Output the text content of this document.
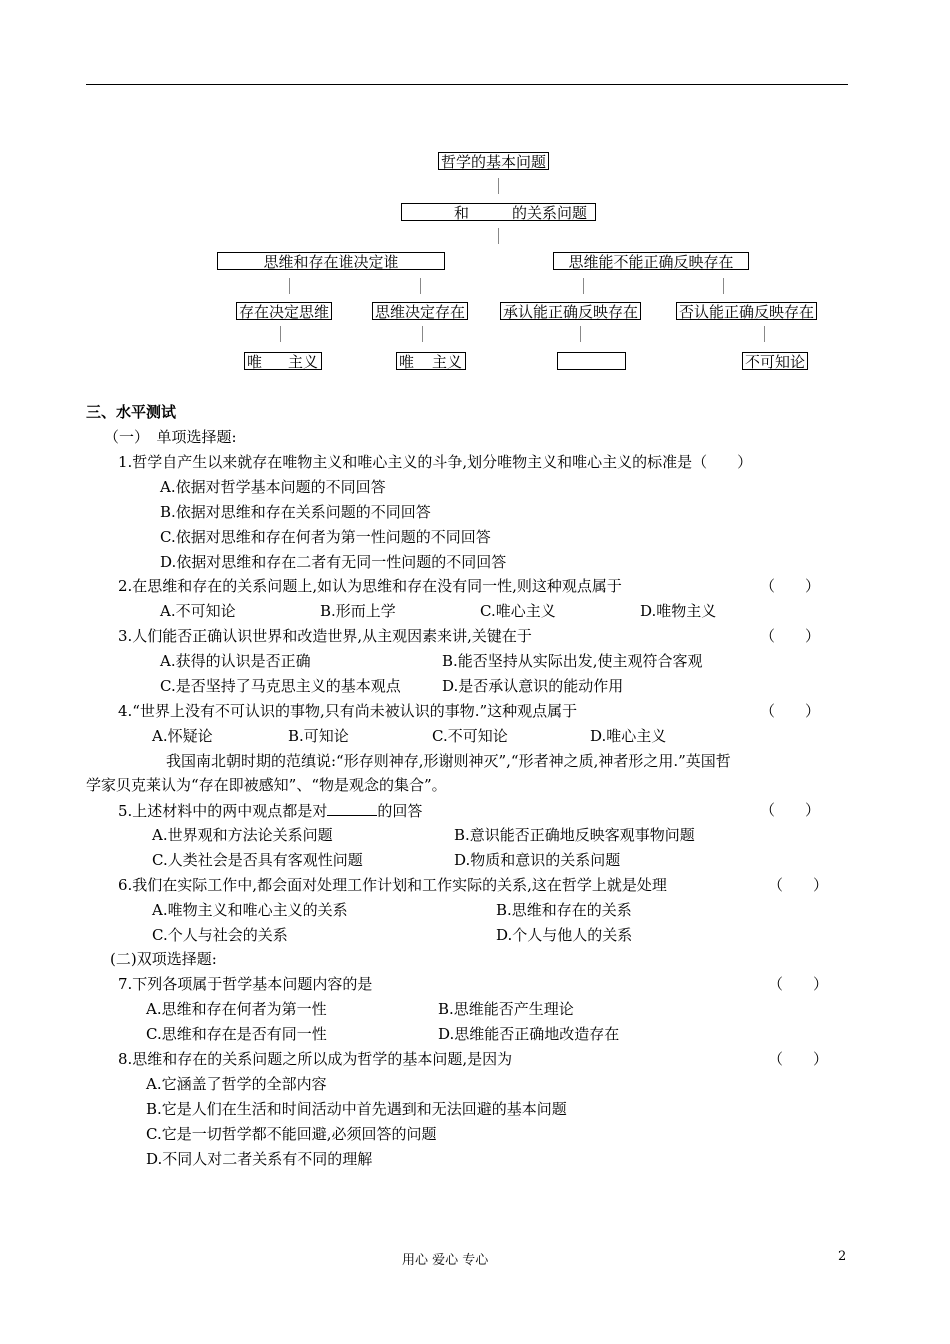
哲学的基本问题
和	的关系问题
思维和存在谁决定谁	思维能不能正确反映存在
存在决定思维	思维决定存在	承认能正确反映存在	否认能正确反映存在
唯 主义	唯 主义	不可知论
三、水平测试
（一）　单项选择题:
1.哲学自产生以来就存在唯物主义和唯心主义的斗争,划分唯物主义和唯心主义的标准是（　　）
A.依据对哲学基本问题的不同回答
B.依据对思维和存在关系问题的不同回答
C.依据对思维和存在何者为第一性问题的不同回答
D.依据对思维和存在二者有无同一性问题的不同回答
2.在思维和存在的关系问题上,如认为思维和存在没有同一性,则这种观点属于	（　　）
A.不可知论	B.形而上学	C.唯心主义	D.唯物主义
3.人们能否正确认识世界和改造世界,从主观因素来讲,关键在于	（　　）
A.获得的认识是否正确	B.能否坚持从实际出发,使主观符合客观
C.是否坚持了马克思主义的基本观点	D.是否承认意识的能动作用
4.“世界上没有不可认识的事物,只有尚未被认识的事物.”这种观点属于	（　　）
A.怀疑论	B.可知论	C.不可知论	D.唯心主义
我国南北朝时期的范缜说:“形存则神存,形谢则神灭”,“形者神之质,神者形之用.”英国哲
学家贝克莱认为“存在即被感知”、“物是观念的集合”。
5.上述材料中的两中观点都是对	的回答	（　　）
A.世界观和方法论关系问题	B.意识能否正确地反映客观事物问题
C.人类社会是否具有客观性问题	D.物质和意识的关系问题
6.我们在实际工作中,都会面对处理工作计划和工作实际的关系,这在哲学上就是处理	（　　）
A.唯物主义和唯心主义的关系	B.思维和存在的关系
C.个人与社会的关系	D.个人与他人的关系
(二)双项选择题:
7.下列各项属于哲学基本问题内容的是	（　　）
A.思维和存在何者为第一性	B.思维能否产生理论
C.思维和存在是否有同一性	D.思维能否正确地改造存在
8.思维和存在的关系问题之所以成为哲学的基本问题,是因为	（　　）
A.它涵盖了哲学的全部内容
B.它是人们在生活和时间活动中首先遇到和无法回避的基本问题
C.它是一切哲学都不能回避,必须回答的问题
D.不同人对二者关系有不同的理解
用心 爱心 专心	2
